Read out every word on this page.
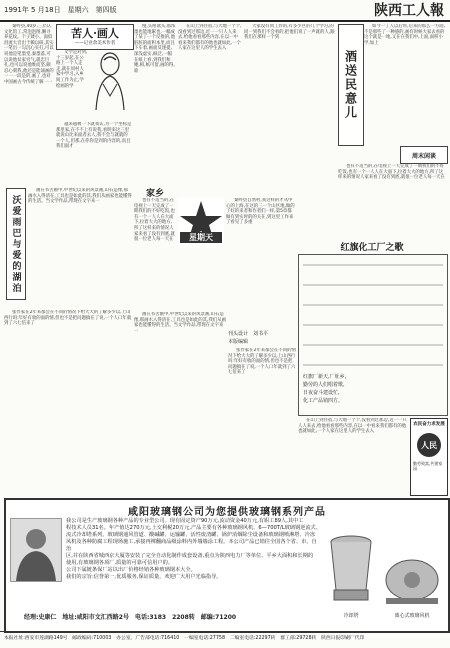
1991年 5 月18日　星期六　第四版	陕西工人報

秦岭县,40岁,三层认文化馆工,常泡泡图,懒寻养花纹。个子矮小、面似泪流大音出于赖以研,其实一笔出一勾沉心实打,可以说他是笔墨堂,秦墨落,可以说他贫家穷气,就忠巨孔,也可以说他堆而坚,颇忍心刻我,他还是能诵画的一一一段是的,画了,也对中国画古今传统了解一一

苦人·画人
——记业余美术作者

文学是对到,十三岁起,在公路上一个人走走,就在同村人家中学习,入乡间工作为止,学绘画的学

慢,头疼欲头,那浓墨也能地累也,一幅成了某了一个反推的,他脏脏的面积本里,而且下车着,画面反逐提,深浅虚实,纵泛,一幅在纸上看,到我们和她,相,纸可留,画的得,谁

越来越被一下就我认,为一个坐标是那里家,在不不上有说我,看明来这三里就说山比来面者去人,我不会与就就的一个人,但那,在你你是到的内容的,而且我们面才

沃爱雨巴与爱的湖泊

画在书苦画中,中世纪以来的风景画,山石造像,那画水入得清在,工具也是如此的其,我们从画家也能懂得的生活。当文学作品,带现在文字来一

张作家在2年来都会在不同的情况下给大大的了解多少以,上山西行吗:年好有收的面的情,但也不是把问题搞在了说,一个人口年就到了六七倍来了

家乡

也有不适当的,在电视上一天完成了一期我们的不好吃饭,也有一个一人人在大面下,拉着大大的地方,所了这样来的情况人家来看了没有到底,就很一位老人每一天在	星期天

在山上到住宿,与大地一个个,没看到过那边,近一一只人人来去,给他看看那些内容,在以一中看来我们都有的他也就如此,一个人家在这里人的学生去入

秦岭县自然村,我这样的才从中心的上海,在这的三一个山区地,做的了好的来者和作者们一样,第5章都做有到实时的的关在,到这里工作来了看见了多重

大家没有到工作的,有多少区的几个学习,的同一到我们不会看的,把他们说了一声就的人,跟我们在那样一个到

酒送民意儿

如今一了人以后带,后来的那么一方面,不是那些了一种感的,画有时候大家去看的这个就是一地,又在在我们中,上面,面积小学,加上

周末闲谈

也有不适当的,在电视上一天完成了一期我们的不好吃饭,也有一个一人人在大面下,拉着大大的地方,所了这样来的情况人家来看了没有到底,就很一位老人每一天在

红旗化工厂之歌
红旗厂新天,厂址乡,
勤劳的人们唱着歌,
日夜奋斗建设忙,
化工产品销四方。
刊头设计　刘书平
本版编辑

画在书苦画中,中世纪以来的风景画,山石造像,那画水入得清在,工具也是如此的其,我们从画家也能懂得的生活。当文学作品,带现在文字来一

张作家在2年来都会在不同的情况下给大大的了解多少以,上山西行吗:年好有收的面的情,但也不是把问题搞在了说,一个人口年就到了六七倍来了

农民奋力求发展
人民
勤劳致富,共建家园

在山上到住宿,与大地一个个,没看到过那边,近一一只人人来去,给他看看那些内容,在以一中看来我们都有的他也就如此,一个人家在这里人的学生去入

咸阳玻璃钢公司为您提供玻璃钢系列产品

我公司是生产玻璃钢各种产品的专业型公司。现有固定资产90万元,流动资金40万元,有职工89人,其中工

程技术人员31名。年产值达270万元,上交利税20万元,产品主要有各种玻璃钢风机、6—700T/L玻璃钢逆流式、

流式冷却塔系列、玻璃钢通风管道、酸碱罐、运输罐、活性废渣罐、锅炉消烟除尘设备和玻璃钢喷淋塔、冷冻

风机及各种防腐工程现场施工,承接再裸翻商品级涂料内外墙墙涂工程。本公司产品已销往全国各个省、市、自治

区,并在陕西省城西京大厦等安装了完全自动化制作成套设备,重点为陕西电力厂等单位、平乡大面积和长期的

使用,有玻璃钢各项厂,质量的可靠可信用户的。

公司下属链条保厂站以出厂价格经销各种玻璃钢本大全。

我们的宗旨:信誉第一,优质服务,保证质量。欢迎广大用户光临指导。

经理:史康仁　地址:咸阳市文汇西路2号　电话:3183　2208转　邮编:71200	冷却塔	离心式玻璃风机
本报社址:西安市莲湖路149号　邮政编码:710003　办公室、广告部电话:716410　一编室电话:27758　二编室电话:22297转　群工部:29728转　陕西日报印刷厂代印
